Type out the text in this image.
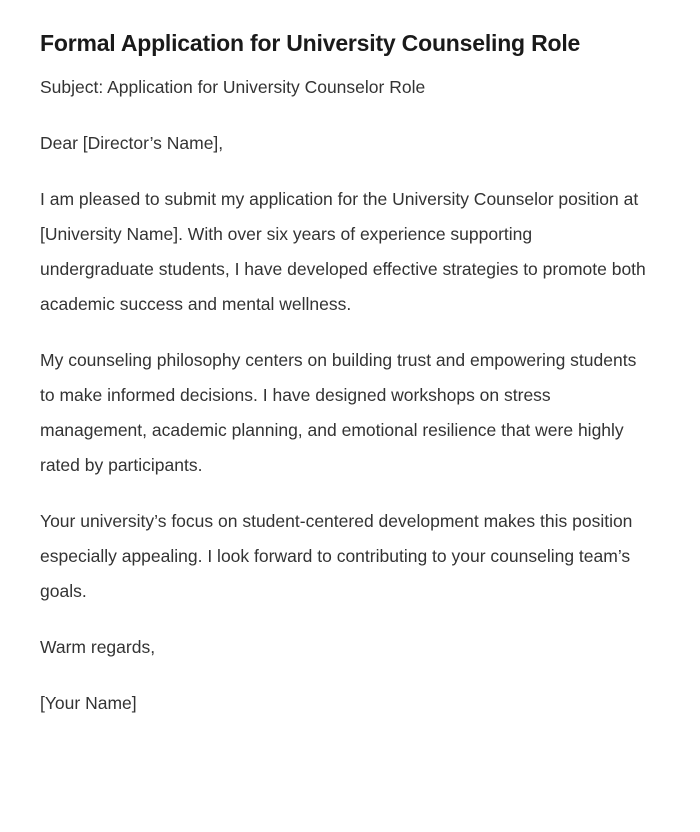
Formal Application for University Counseling Role

Subject: Application for University Counselor Role

Dear [Director’s Name],

I am pleased to submit my application for the University Counselor position at [University Name]. With over six years of experience supporting undergraduate students, I have developed effective strategies to promote both academic success and mental wellness.

My counseling philosophy centers on building trust and empowering students to make informed decisions. I have designed workshops on stress management, academic planning, and emotional resilience that were highly rated by participants.

Your university’s focus on student-centered development makes this position especially appealing. I look forward to contributing to your counseling team’s goals.

Warm regards,

[Your Name]
